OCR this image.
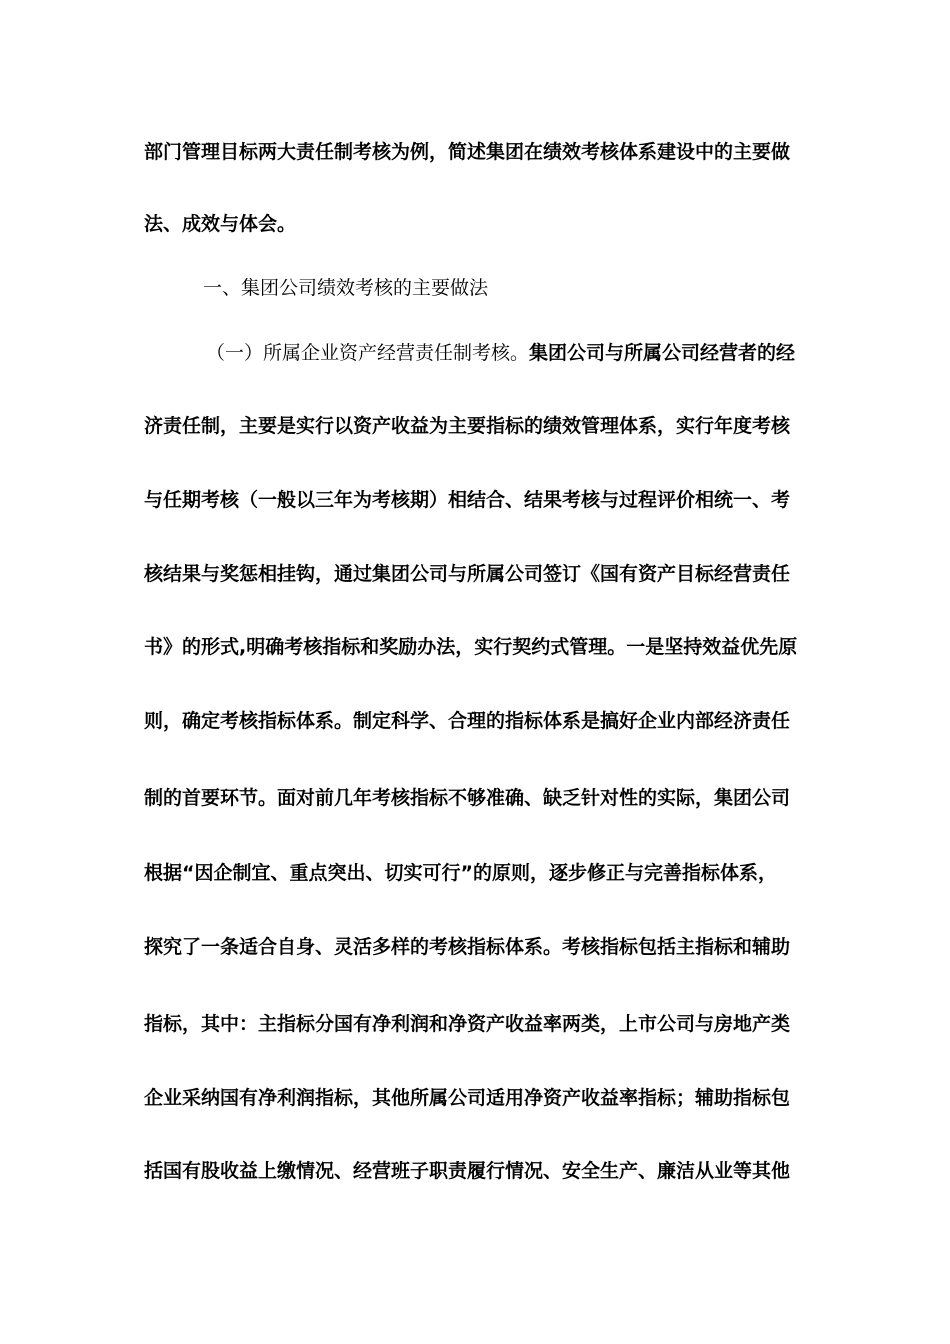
部门管理目标两大责任制考核为例，简述集团在绩效考核体系建设中的主要做
法、成效与体会。
一、集团公司绩效考核的主要做法
（一）所属企业资产经营责任制考核。集团公司与所属公司经营者的经
济责任制，主要是实行以资产收益为主要指标的绩效管理体系，实行年度考核
与任期考核（一般以三年为考核期）相结合、结果考核与过程评价相统一、考
核结果与奖惩相挂钩，通过集团公司与所属公司签订《国有资产目标经营责任
书》的形式,明确考核指标和奖励办法，实行契约式管理。一是坚持效益优先原
则，确定考核指标体系。制定科学、合理的指标体系是搞好企业内部经济责任
制的首要环节。面对前几年考核指标不够准确、缺乏针对性的实际，集团公司
根据“因企制宜、重点突出、切实可行”的原则，逐步修正与完善指标体系，
探究了一条适合自身、灵活多样的考核指标体系。考核指标包括主指标和辅助
指标，其中：主指标分国有净利润和净资产收益率两类，上市公司与房地产类
企业采纳国有净利润指标，其他所属公司适用净资产收益率指标；辅助指标包
括国有股收益上缴情况、经营班子职责履行情况、安全生产、廉洁从业等其他
